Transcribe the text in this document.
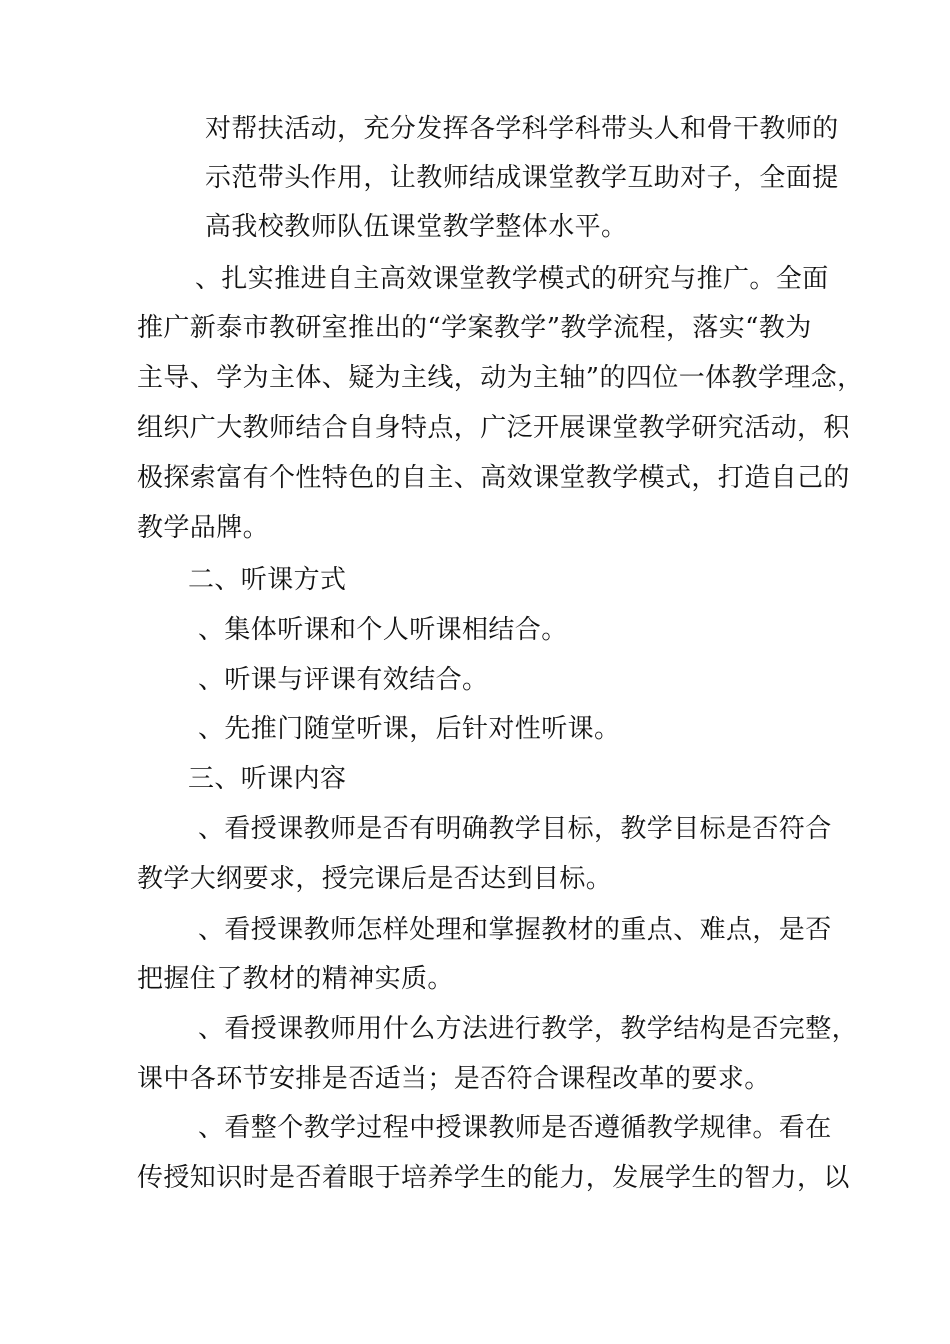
对帮扶活动，充分发挥各学科学科带头人和骨干教师的
示范带头作用，让教师结成课堂教学互助对子，全面提
高我校教师队伍课堂教学整体水平。
、扎实推进自主高效课堂教学模式的研究与推广。全面
推广新泰市教研室推出的“学案教学”教学流程，落实“教为
主导、学为主体、疑为主线，动为主轴”的四位一体教学理念，
组织广大教师结合自身特点，广泛开展课堂教学研究活动，积
极探索富有个性特色的自主、高效课堂教学模式，打造自己的
教学品牌。
二、听课方式
、集体听课和个人听课相结合。
、听课与评课有效结合。
、先推门随堂听课，后针对性听课。
三、听课内容
、看授课教师是否有明确教学目标，教学目标是否符合
教学大纲要求，授完课后是否达到目标。
、看授课教师怎样处理和掌握教材的重点、难点，是否
把握住了教材的精神实质。
、看授课教师用什么方法进行教学，教学结构是否完整，
课中各环节安排是否适当；是否符合课程改革的要求。
、看整个教学过程中授课教师是否遵循教学规律。看在
传授知识时是否着眼于培养学生的能力，发展学生的智力，以
